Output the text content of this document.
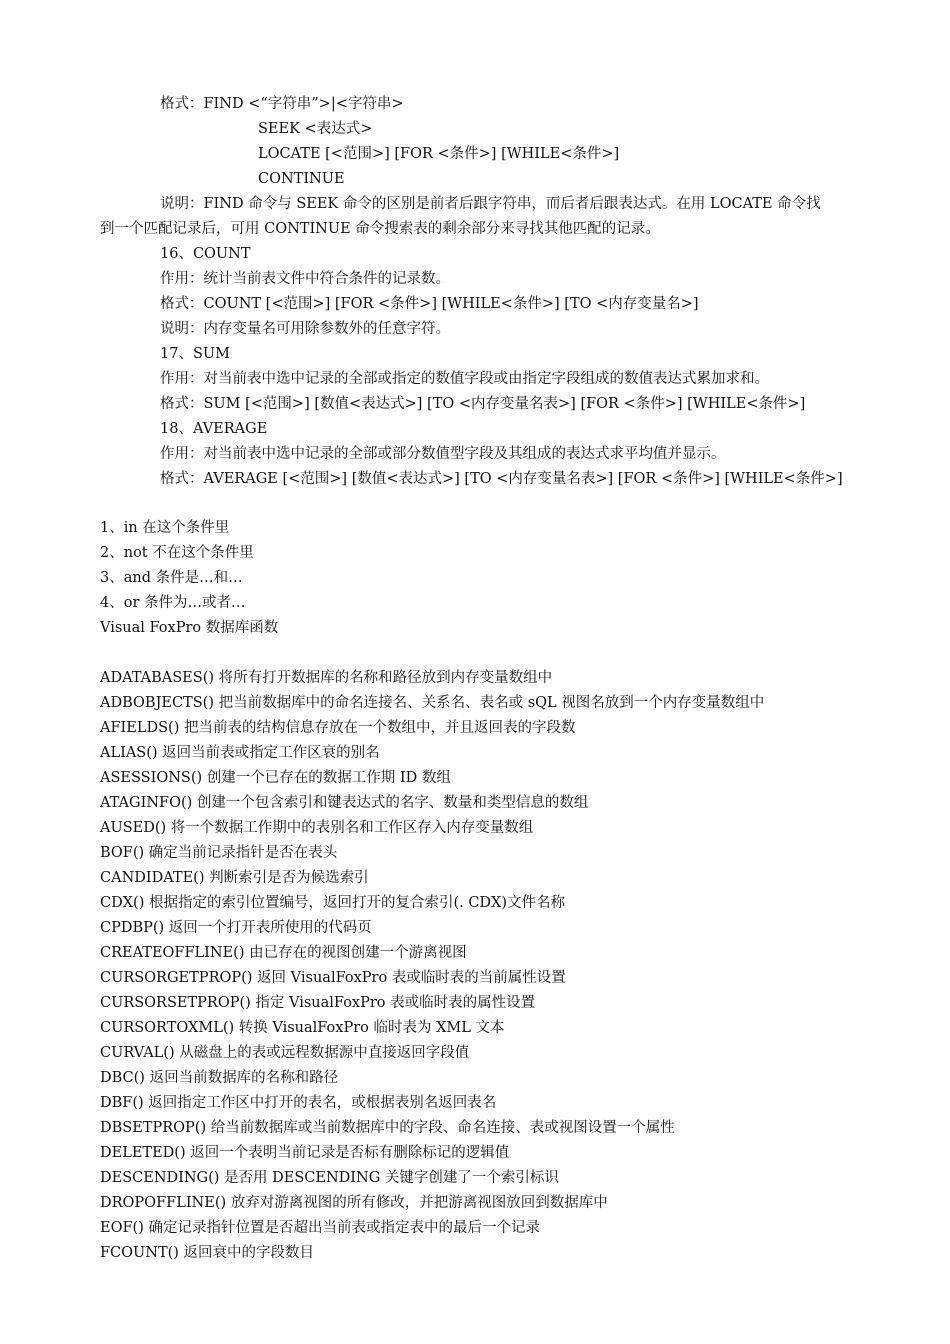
格式：FIND <“字符串”>|<字符串>

SEEK <表达式>

LOCATE [<范围>] [FOR <条件>] [WHILE<条件>]

CONTINUE

说明：FIND 命令与 SEEK 命令的区别是前者后跟字符串，而后者后跟表达式。在用 LOCATE 命令找

到一个匹配记录后，可用 CONTINUE 命令搜索表的剩余部分来寻找其他匹配的记录。

16、COUNT

作用：统计当前表文件中符合条件的记录数。

格式：COUNT [<范围>] [FOR <条件>] [WHILE<条件>] [TO <内存变量名>]

说明：内存变量名可用除参数外的任意字符。

17、SUM

作用：对当前表中选中记录的全部或指定的数值字段或由指定字段组成的数值表达式累加求和。

格式：SUM [<范围>] [数值<表达式>] [TO <内存变量名表>] [FOR <条件>] [WHILE<条件>]

18、AVERAGE

作用：对当前表中选中记录的全部或部分数值型字段及其组成的表达式求平均值并显示。

格式：AVERAGE [<范围>] [数值<表达式>] [TO <内存变量名表>] [FOR <条件>] [WHILE<条件>]

1、in 在这个条件里

2、not 不在这个条件里

3、and 条件是…和…

4、or 条件为…或者…

Visual FoxPro 数据库函数

ADATABASES() 将所有打开数据库的名称和路径放到内存变量数组中

ADBOBJECTS() 把当前数据库中的命名连接名、关系名、表名或 sQL 视图名放到一个内存变量数组中

AFIELDS() 把当前表的结构信息存放在一个数组中，并且返回表的字段数

ALIAS() 返回当前表或指定工作区衰的别名

ASESSIONS() 创建一个已存在的数据工作期 ID 数组

ATAGINFO() 创建一个包含索引和键表达式的名字、数量和类型信息的数组

AUSED() 将一个数据工作期中的表别名和工作区存入内存变量数组

BOF() 确定当前记录指针是否在表头

CANDIDATE() 判断索引是否为候选索引

CDX() 根据指定的索引位置编号，返回打开的复合索引(. CDX)文件名称

CPDBP() 返回一个打开表所使用的代码页

CREATEOFFLINE() 由已存在的视图创建一个游离视图

CURSORGETPROP() 返回 VisualFoxPro 表或临时表的当前属性设置

CURSORSETPROP() 指定 VisualFoxPro 表或临时表的属性设置

CURSORTOXML() 转换 VisualFoxPro 临时表为 XML 文本

CURVAL() 从磁盘上的表或远程数据源中直接返回字段值

DBC() 返回当前数据库的名称和路径

DBF() 返回指定工作区中打开的表名，或根据表别名返回表名

DBSETPROP() 给当前数据库或当前数据库中的字段、命名连接、表或视图设置一个属性

DELETED() 返回一个表明当前记录是否标有删除标记的逻辑值

DESCENDING() 是否用 DESCENDING 关键字创建了一个索引标识

DROPOFFLINE() 放弃对游离视图的所有修改，并把游离视图放回到数据库中

EOF() 确定记录指针位置是否超出当前表或指定表中的最后一个记录

FCOUNT() 返回衰中的字段数目
